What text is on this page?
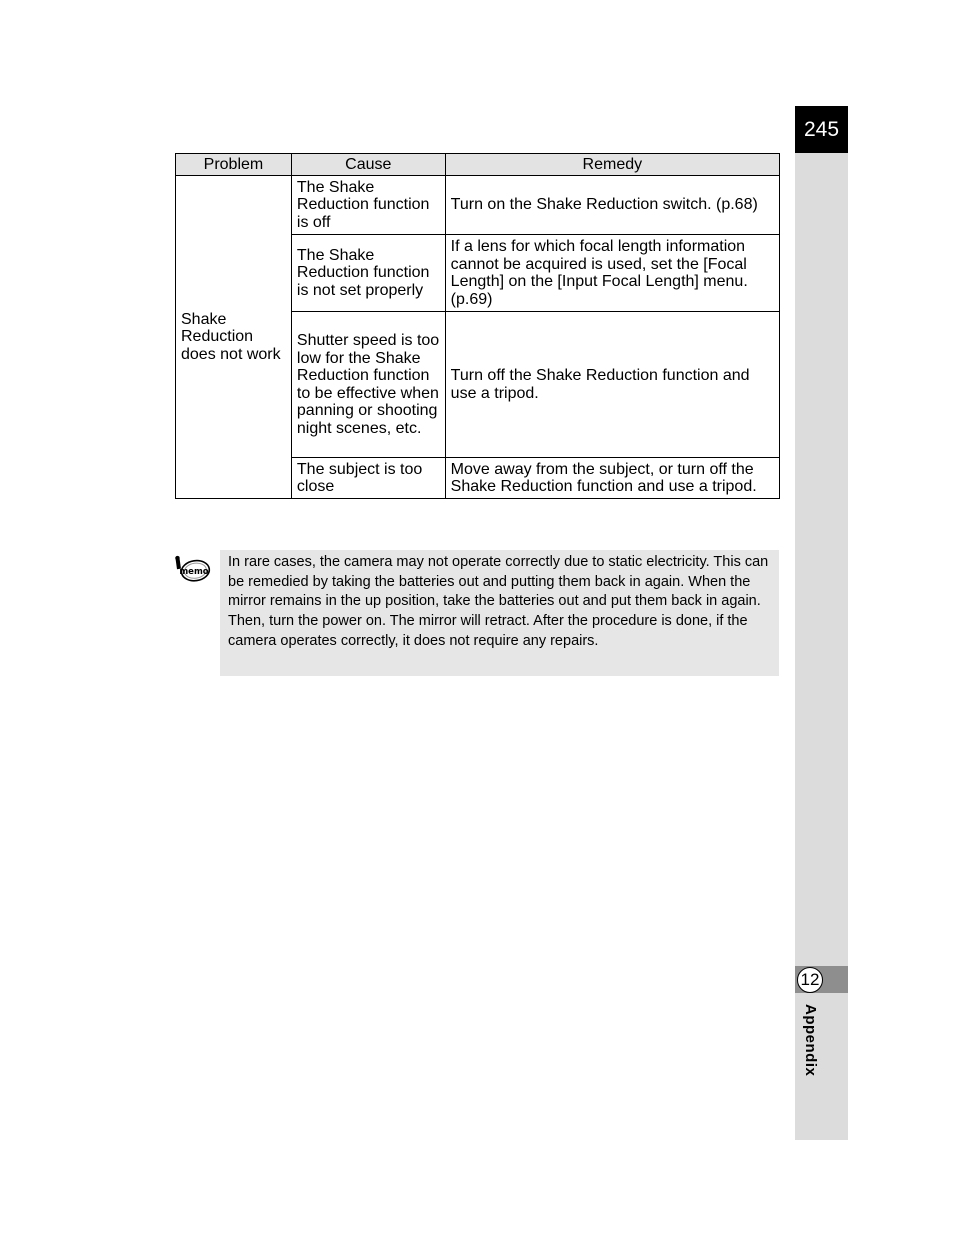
245
12
Appendix
Problem	Cause	Remedy
Shake Reduction does not work	The Shake Reduction function is off	Turn on the Shake Reduction switch. (p.68)
	The Shake Reduction function is not set properly	If a lens for which focal length information cannot be acquired is used, set the [Focal Length] on the [Input Focal Length] menu. (p.69)
	Shutter speed is too low for the Shake Reduction function to be effective when panning or shooting night scenes, etc.	Turn off the Shake Reduction function and use a tripod.
	The subject is too close	Move away from the subject, or turn off the Shake Reduction function and use a tripod.
memo
In rare cases, the camera may not operate correctly due to static electricity. This can be remedied by taking the batteries out and putting them back in again. When the mirror remains in the up position, take the batteries out and put them back in again. Then, turn the power on. The mirror will retract. After the procedure is done, if the camera operates correctly, it does not require any repairs.
